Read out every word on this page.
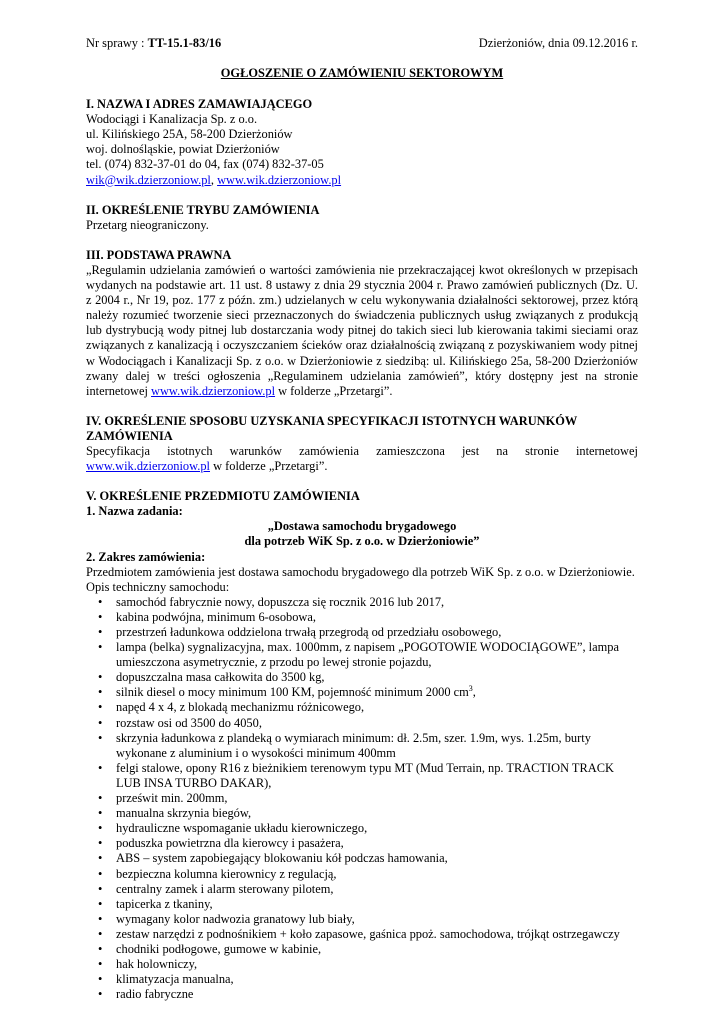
Nr sprawy : TT-15.1-83/16	Dzierżoniów, dnia 09.12.2016 r.
OGŁOSZENIE O ZAMÓWIENIU SEKTOROWYM
I. NAZWA I ADRES ZAMAWIAJĄCEGO
Wodociągi i Kanalizacja Sp. z o.o.
ul. Kilińskiego 25A, 58-200 Dzierżoniów
woj. dolnośląskie, powiat Dzierżoniów
tel. (074) 832-37-01 do 04, fax (074) 832-37-05
wik@wik.dzierzoniow.pl, www.wik.dzierzoniow.pl
II. OKREŚLENIE TRYBU ZAMÓWIENIA
Przetarg nieograniczony.
III. PODSTAWA PRAWNA
„Regulamin udzielania zamówień o wartości zamówienia nie przekraczającej kwot określonych w przepisach wydanych na podstawie art. 11 ust. 8 ustawy z dnia 29 stycznia 2004 r. Prawo zamówień publicznych (Dz. U. z 2004 r., Nr 19, poz. 177 z późn. zm.) udzielanych w celu wykonywania działalności sektorowej, przez którą należy rozumieć tworzenie sieci przeznaczonych do świadczenia publicznych usług związanych z produkcją lub dystrybucją wody pitnej lub dostarczania wody pitnej do takich sieci lub kierowania takimi sieciami oraz związanych z kanalizacją i oczyszczaniem ścieków oraz działalnością związaną z pozyskiwaniem wody pitnej w Wodociągach i Kanalizacji Sp. z o.o. w Dzierżoniowie z siedzibą: ul. Kilińskiego 25a, 58-200 Dzierżoniów zwany dalej w treści ogłoszenia „Regulaminem udzielania zamówień”, który dostępny jest na stronie internetowej www.wik.dzierzoniow.pl w folderze „Przetargi”.
IV. OKREŚLENIE SPOSOBU UZYSKANIA SPECYFIKACJI ISTOTNYCH WARUNKÓW ZAMÓWIENIA
Specyfikacja istotnych warunków zamówienia zamieszczona jest na stronie internetowej
www.wik.dzierzoniow.pl w folderze „Przetargi”.
V. OKREŚLENIE PRZEDMIOTU ZAMÓWIENIA
1. Nazwa zadania:
„Dostawa samochodu brygadowego
dla potrzeb WiK Sp. z o.o. w Dzierżoniowie”
2. Zakres zamówienia:
Przedmiotem zamówienia jest dostawa samochodu brygadowego dla potrzeb WiK Sp. z o.o. w Dzierżoniowie.
Opis techniczny samochodu:
• samochód fabrycznie nowy, dopuszcza się rocznik 2016 lub 2017,
• kabina podwójna, minimum 6-osobowa,
• przestrzeń ładunkowa oddzielona trwałą przegrodą od przedziału osobowego,
• lampa (belka) sygnalizacyjna, max. 1000mm, z napisem „POGOTOWIE WODOCIĄGOWE”, lampa umieszczona asymetrycznie, z przodu po lewej stronie pojazdu,
• dopuszczalna masa całkowita do 3500 kg,
• silnik diesel o mocy minimum 100 KM, pojemność minimum 2000 $cm^3$,
• napęd 4 x 4, z blokadą mechanizmu różnicowego,
• rozstaw osi od 3500 do 4050,
• skrzynia ładunkowa z plandeką o wymiarach minimum: dł. 2.5m, szer. 1.9m, wys. 1.25m, burty wykonane z aluminium i o wysokości minimum 400mm
• felgi stalowe, opony R16 z bieżnikiem terenowym typu MT (Mud Terrain, np. TRACTION TRACK LUB INSA TURBO DAKAR),
• prześwit min. 200mm,
• manualna skrzynia biegów,
• hydrauliczne wspomaganie układu kierowniczego,
• poduszka powietrzna dla kierowcy i pasażera,
• ABS – system zapobiegający blokowaniu kół podczas hamowania,
• bezpieczna kolumna kierownicy z regulacją,
• centralny zamek i alarm sterowany pilotem,
• tapicerka z tkaniny,
• wymagany kolor nadwozia granatowy lub biały,
• zestaw narzędzi z podnośnikiem + koło zapasowe, gaśnica ppoż. samochodowa, trójkąt ostrzegawczy
• chodniki podłogowe, gumowe w kabinie,
• hak holowniczy,
• klimatyzacja manualna,
• radio fabryczne
